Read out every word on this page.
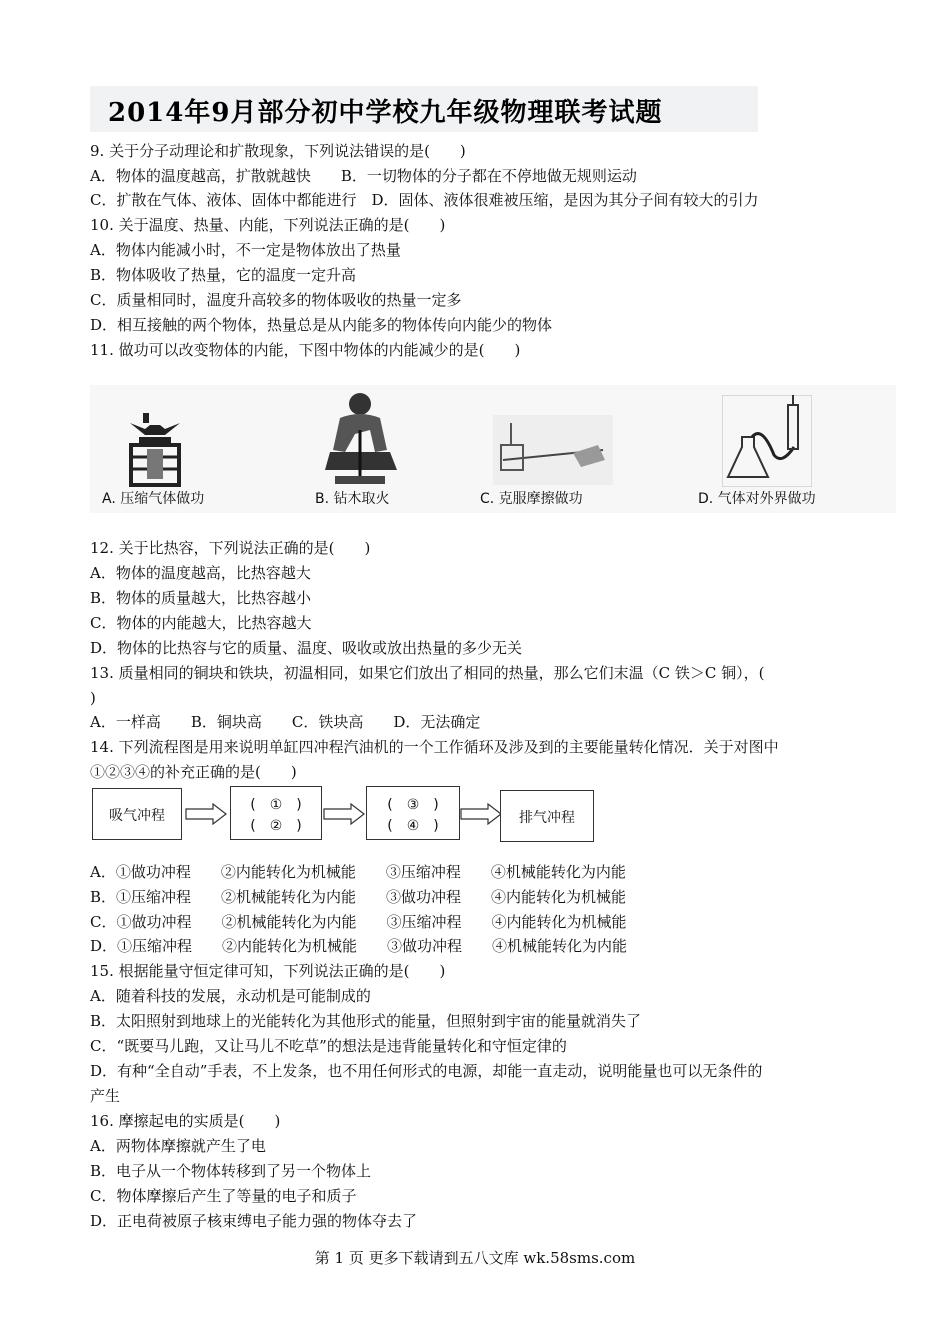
2014年9月部分初中学校九年级物理联考试题
9. 关于分子动理论和扩散现象，下列说法错误的是(　　)
A．物体的温度越高，扩散就越快　　B．一切物体的分子都在不停地做无规则运动
C．扩散在气体、液体、固体中都能进行　D．固体、液体很难被压缩，是因为其分子间有较大的引力
10. 关于温度、热量、内能，下列说法正确的是(　　)
A．物体内能减小时，不一定是物体放出了热量
B．物体吸收了热量，它的温度一定升高
C．质量相同时，温度升高较多的物体吸收的热量一定多
D．相互接触的两个物体，热量总是从内能多的物体传向内能少的物体
11. 做功可以改变物体的内能，下图中物体的内能减少的是(　　)
A. 压缩气体做功	B. 钻木取火	C. 克服摩擦做功	D. 气体对外界做功
12. 关于比热容，下列说法正确的是(　　)
A．物体的温度越高，比热容越大
B．物体的质量越大，比热容越小
C．物体的内能越大，比热容越大
D．物体的比热容与它的质量、温度、吸收或放出热量的多少无关
13. 质量相同的铜块和铁块，初温相同，如果它们放出了相同的热量，那么它们末温（C 铁＞C 铜），(
)
A．一样高　　B．铜块高　　C．铁块高　　D．无法确定
14. 下列流程图是用来说明单缸四冲程汽油机的一个工作循环及涉及到的主要能量转化情况．关于对图中
①②③④的补充正确的是(　　)
吸气冲程
(　①　)
(　②　)
(　③　)
(　④　)	排气冲程
A．①做功冲程　　②内能转化为机械能　　③压缩冲程　　④机械能转化为内能
B．①压缩冲程　　②机械能转化为内能　　③做功冲程　　④内能转化为机械能
C．①做功冲程　　②机械能转化为内能　　③压缩冲程　　④内能转化为机械能
D．①压缩冲程　　②内能转化为机械能　　③做功冲程　　④机械能转化为内能
15. 根据能量守恒定律可知，下列说法正确的是(　　)
A．随着科技的发展，永动机是可能制成的
B．太阳照射到地球上的光能转化为其他形式的能量，但照射到宇宙的能量就消失了
C．“既要马儿跑，又让马儿不吃草”的想法是违背能量转化和守恒定律的
D．有种“全自动”手表，不上发条，也不用任何形式的电源，却能一直走动，说明能量也可以无条件的
产生
16. 摩擦起电的实质是(　　)
A．两物体摩擦就产生了电
B．电子从一个物体转移到了另一个物体上
C．物体摩擦后产生了等量的电子和质子
D．正电荷被原子核束缚电子能力强的物体夺去了
第 1 页 更多下载请到五八文库 wk.58sms.com
